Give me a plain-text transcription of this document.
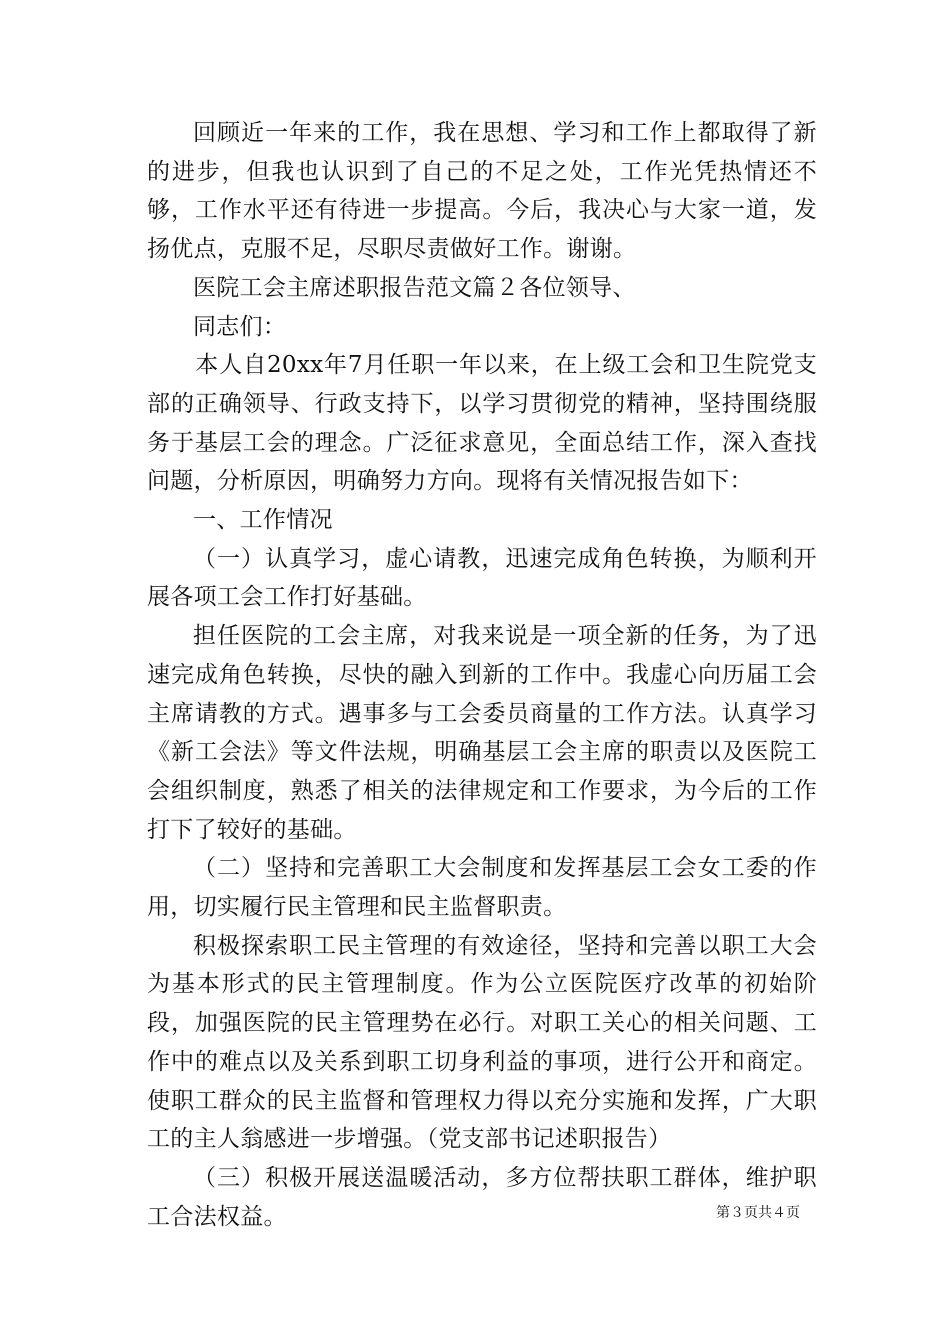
回顾近一年来的工作，我在思想、学习和工作上都取得了新的进步，但我也认识到了自己的不足之处，工作光凭热情还不够，工作水平还有待进一步提高。今后，我决心与大家一道，发扬优点，克服不足，尽职尽责做好工作。谢谢。

医院工会主席述职报告范文篇２各位领导、

同志们：

本人自20xx年7月任职一年以来，在上级工会和卫生院党支部的正确领导、行政支持下，以学习贯彻党的精神，坚持围绕服务于基层工会的理念。广泛征求意见，全面总结工作，深入查找问题，分析原因，明确努力方向。现将有关情况报告如下：

一、工作情况

（一）认真学习，虚心请教，迅速完成角色转换，为顺利开展各项工会工作打好基础。

担任医院的工会主席，对我来说是一项全新的任务，为了迅速完成角色转换，尽快的融入到新的工作中。我虚心向历届工会主席请教的方式。遇事多与工会委员商量的工作方法。认真学习《新工会法》等文件法规，明确基层工会主席的职责以及医院工会组织制度，熟悉了相关的法律规定和工作要求，为今后的工作打下了较好的基础。

（二）坚持和完善职工大会制度和发挥基层工会女工委的作用，切实履行民主管理和民主监督职责。

积极探索职工民主管理的有效途径，坚持和完善以职工大会为基本形式的民主管理制度。作为公立医院医疗改革的初始阶段，加强医院的民主管理势在必行。对职工关心的相关问题、工作中的难点以及关系到职工切身利益的事项，进行公开和商定。使职工群众的民主监督和管理权力得以充分实施和发挥，广大职工的主人翁感进一步增强。（党支部书记述职报告）

（三）积极开展送温暖活动，多方位帮扶职工群体，维护职工合法权益。	第３页共４页
